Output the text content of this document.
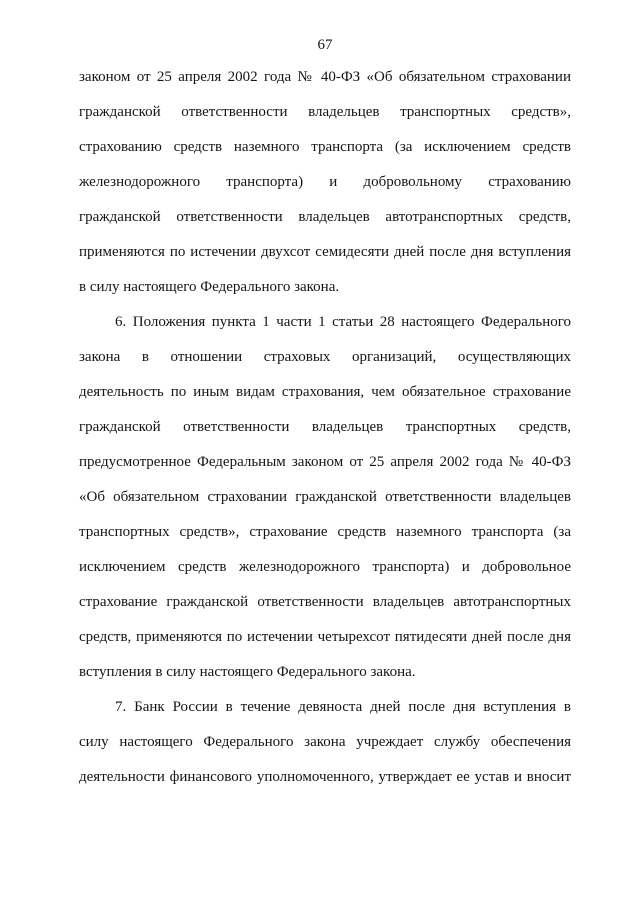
67
законом от 25 апреля 2002 года № 40-ФЗ «Об обязательном страховании
гражданской ответственности владельцев транспортных средств»,
страхованию средств наземного транспорта (за исключением средств
железнодорожного транспорта) и добровольному страхованию
гражданской ответственности владельцев автотранспортных средств,
применяются по истечении двухсот семидесяти дней после дня вступления
в силу настоящего Федерального закона.
6. Положения пункта 1 части 1 статьи 28 настоящего Федерального
закона в отношении страховых организаций, осуществляющих
деятельность по иным видам страхования, чем обязательное страхование
гражданской ответственности владельцев транспортных средств,
предусмотренное Федеральным законом от 25 апреля 2002 года № 40-ФЗ
«Об обязательном страховании гражданской ответственности владельцев
транспортных средств», страхование средств наземного транспорта (за
исключением средств железнодорожного транспорта) и добровольное
страхование гражданской ответственности владельцев автотранспортных
средств, применяются по истечении четырехсот пятидесяти дней после дня
вступления в силу настоящего Федерального закона.
7. Банк России в течение девяноста дней после дня вступления в
силу настоящего Федерального закона учреждает службу обеспечения
деятельности финансового уполномоченного, утверждает ее устав и вносит
